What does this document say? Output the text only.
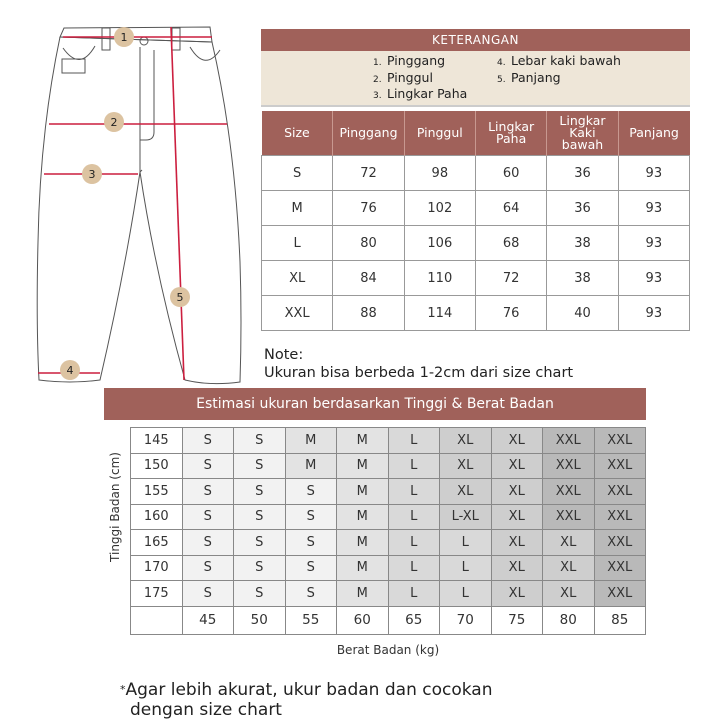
1
2
3
4
5
KETERANGAN
1. Pinggang
2. Pinggul
3. Lingkar Paha
4. Lebar kaki bawah
5. Panjang
Size	Pinggang	Pinggul	Lingkar Paha	Lingkar Kaki bawah	Panjang
S	72	98	60	36	93
M	76	102	64	36	93
L	80	106	68	38	93
XL	84	110	72	38	93
XXL	88	114	76	40	93
Note:
Ukuran bisa berbeda 1-2cm dari size chart
Estimasi ukuran berdasarkan Tinggi & Berat Badan
Tinggi Badan (cm)
145	S	S	M	M	L	XL	XL	XXL	XXL
150	S	S	M	M	L	XL	XL	XXL	XXL
155	S	S	S	M	L	XL	XL	XXL	XXL
160	S	S	S	M	L	L-XL	XL	XXL	XXL
165	S	S	S	M	L	L	XL	XL	XXL
170	S	S	S	M	L	L	XL	XL	XXL
175	S	S	S	M	L	L	XL	XL	XXL
	45	50	55	60	65	70	75	80	85
Berat Badan (kg)
*Agar lebih akurat, ukur badan dan cocokan
dengan size chart
